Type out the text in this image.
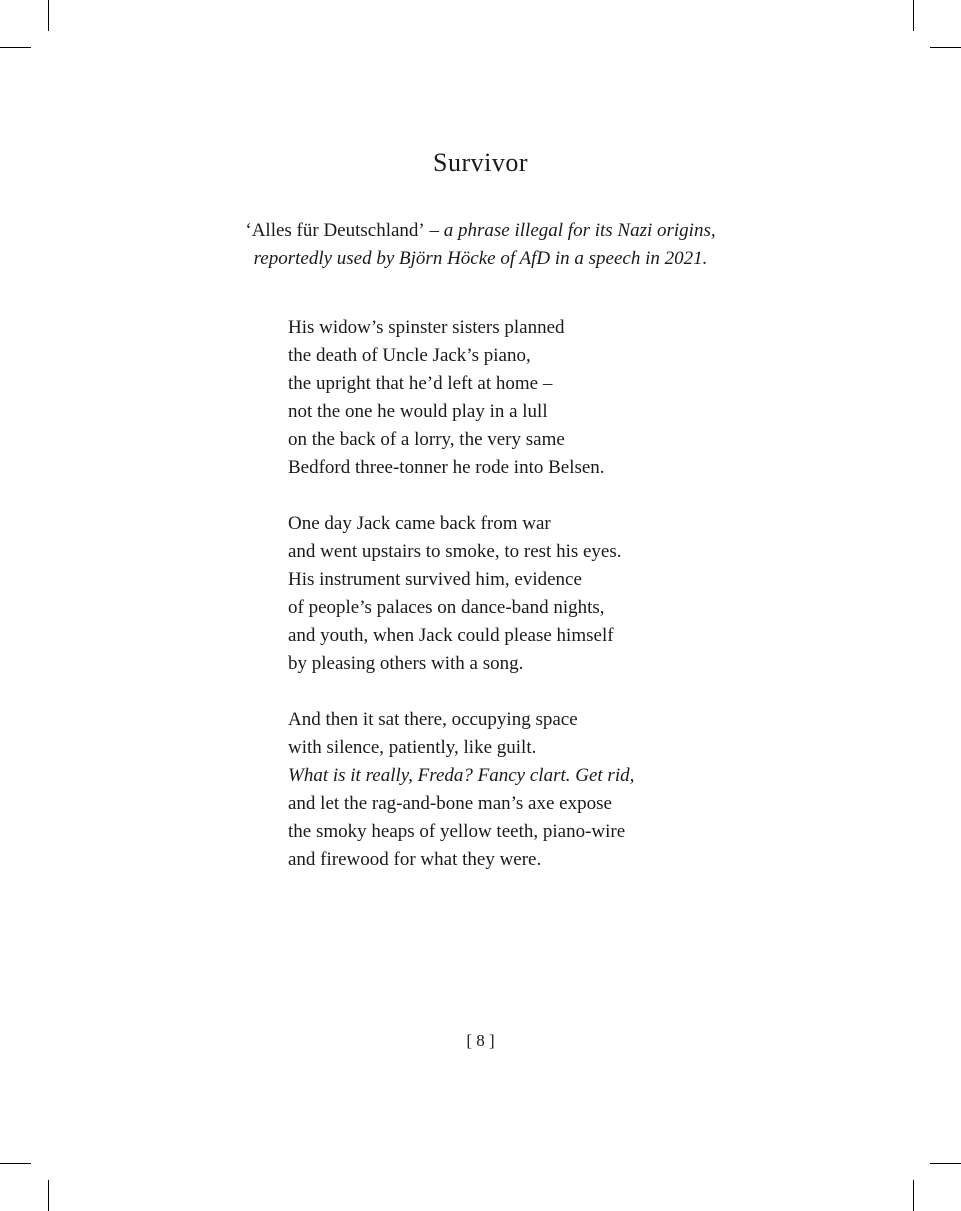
Survivor
‘Alles für Deutschland’ – a phrase illegal for its Nazi origins,
reportedly used by Björn Höcke of AfD in a speech in 2021.
His widow’s spinster sisters planned
the death of Uncle Jack’s piano,
the upright that he’d left at home –
not the one he would play in a lull
on the back of a lorry, the very same
Bedford three-tonner he rode into Belsen.
One day Jack came back from war
and went upstairs to smoke, to rest his eyes.
His instrument survived him, evidence
of people’s palaces on dance-band nights,
and youth, when Jack could please himself
by pleasing others with a song.
And then it sat there, occupying space
with silence, patiently, like guilt.
What is it really, Freda? Fancy clart. Get rid,
and let the rag-and-bone man’s axe expose
the smoky heaps of yellow teeth, piano-wire
and firewood for what they were.
[ 8 ]
